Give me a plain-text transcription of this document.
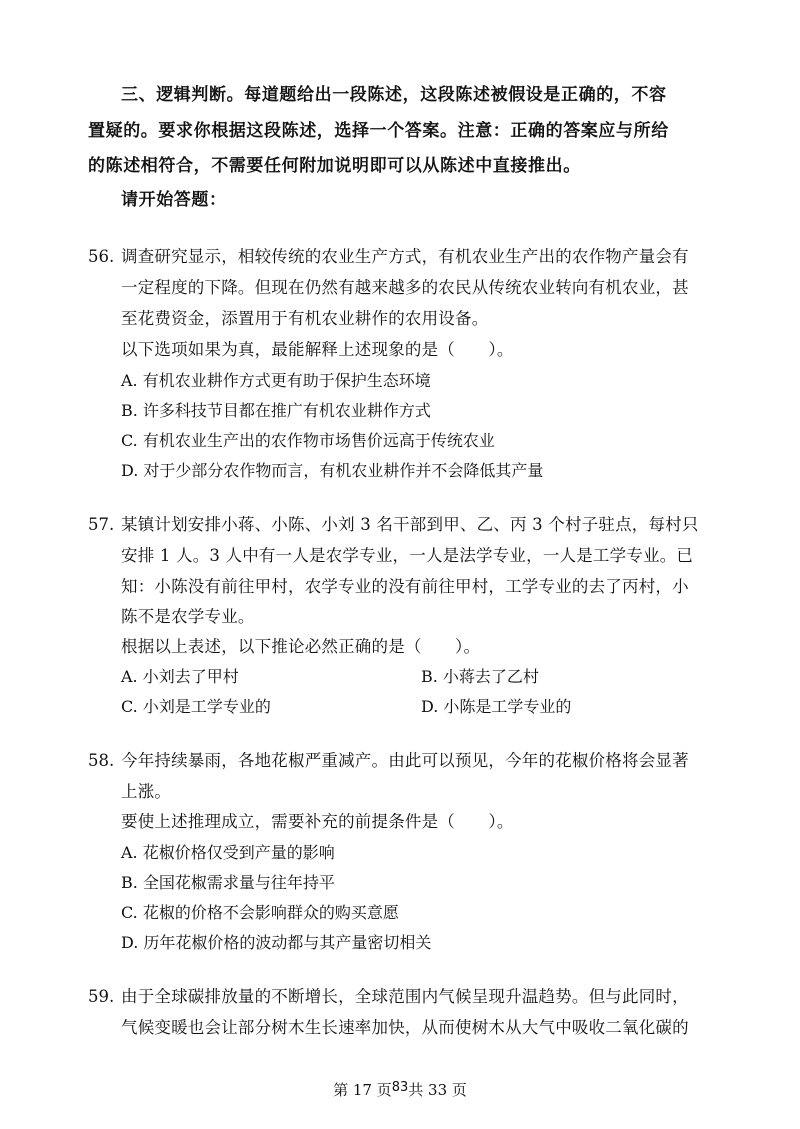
三、逻辑判断。每道题给出一段陈述，这段陈述被假设是正确的，不容
置疑的。要求你根据这段陈述，选择一个答案。注意：正确的答案应与所给
的陈述相符合，不需要任何附加说明即可以从陈述中直接推出。
请开始答题：
56. 调查研究显示，相较传统的农业生产方式，有机农业生产出的农作物产量会有
一定程度的下降。但现在仍然有越来越多的农民从传统农业转向有机农业，甚
至花费资金，添置用于有机农业耕作的农用设备。
以下选项如果为真，最能解释上述现象的是（　　）。
A. 有机农业耕作方式更有助于保护生态环境
B. 许多科技节目都在推广有机农业耕作方式
C. 有机农业生产出的农作物市场售价远高于传统农业
D. 对于少部分农作物而言，有机农业耕作并不会降低其产量
57. 某镇计划安排小蒋、小陈、小刘 3 名干部到甲、乙、丙 3 个村子驻点，每村只
安排 1 人。3 人中有一人是农学专业，一人是法学专业，一人是工学专业。已
知：小陈没有前往甲村，农学专业的没有前往甲村，工学专业的去了丙村，小
陈不是农学专业。
根据以上表述，以下推论必然正确的是（　　）。
A. 小刘去了甲村	B. 小蒋去了乙村
C. 小刘是工学专业的	D. 小陈是工学专业的
58. 今年持续暴雨，各地花椒严重减产。由此可以预见，今年的花椒价格将会显著
上涨。
要使上述推理成立，需要补充的前提条件是（　　）。
A. 花椒价格仅受到产量的影响
B. 全国花椒需求量与往年持平
C. 花椒的价格不会影响群众的购买意愿
D. 历年花椒价格的波动都与其产量密切相关
59. 由于全球碳排放量的不断增长，全球范围内气候呈现升温趋势。但与此同时，
气候变暖也会让部分树木生长速率加快，从而使树木从大气中吸收二氧化碳的
第 17 页83共 33 页
